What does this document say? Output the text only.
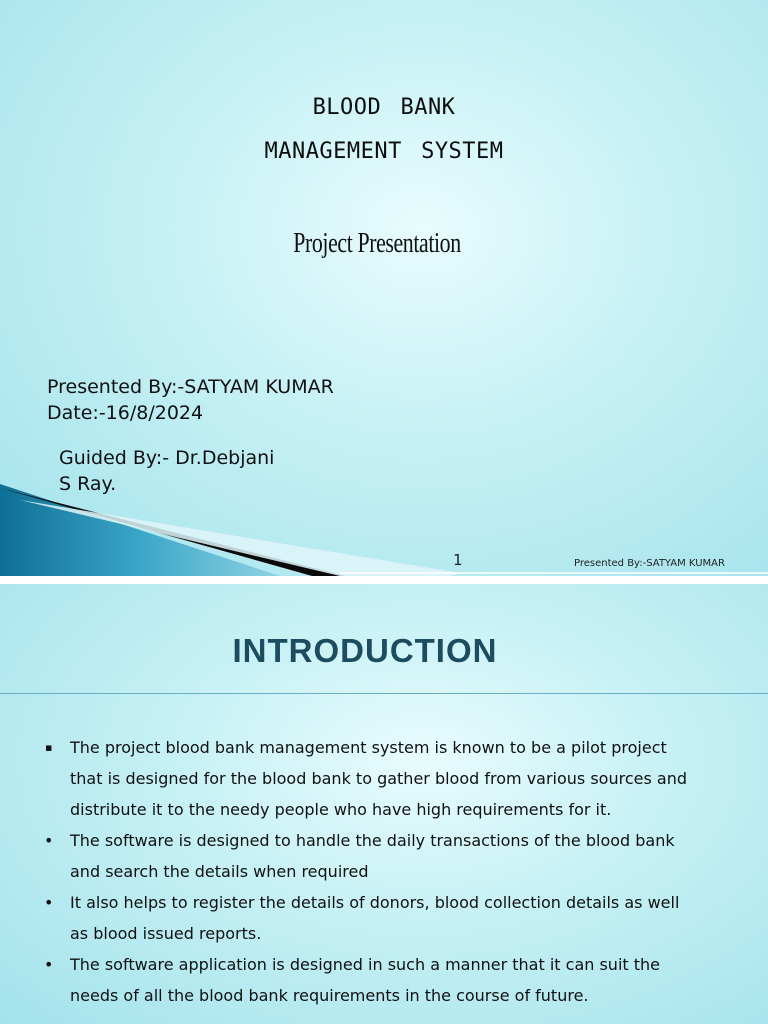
blood bank
management system
Project Presentation
Presented By:-SATYAM KUMAR
Date:-16/8/2024
Guided By:- Dr.Debjani
S Ray.
1	Presented By:-SATYAM KUMAR
INTRODUCTION
▪ The project blood bank management system is known to be a pilot project that is designed for the blood bank to gather blood from various sources and distribute it to the needy people who have high requirements for it.
• The software is designed to handle the daily transactions of the blood bank and search the details when required
• It also helps to register the details of donors, blood collection details as well as blood issued reports.
• The software application is designed in such a manner that it can suit the needs of all the blood bank requirements in the course of future.
